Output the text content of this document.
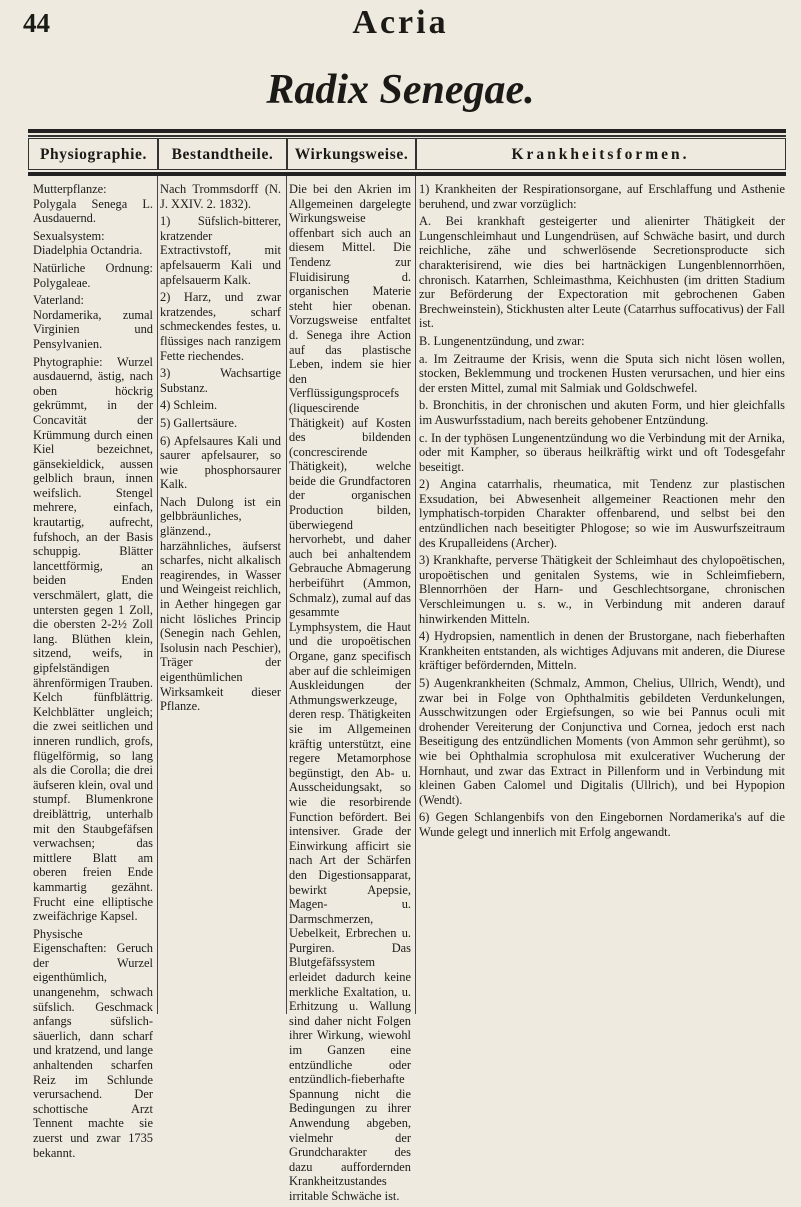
44	Acria
Radix Senegae.
Physiographie.	Bestandtheile.	Wirkungsweise.	Krankheitsformen.

Mutterpflanze: Polygala Senega L. Ausdauernd.

Sexualsystem: Diadelphia Octandria.

Natürliche Ordnung: Polygaleae.

Vaterland: Nordamerika, zumal Virginien und Pensylvanien.

Phytographie: Wurzel ausdauernd, ästig, nach oben höckrig gekrümmt, in der Concavität der Krümmung durch einen Kiel bezeichnet, gänsekieldick, aussen gelblich braun, innen weifslich. Stengel mehrere, einfach, krautartig, aufrecht, fufshoch, an der Basis schuppig. Blätter lancettförmig, an beiden Enden verschmälert, glatt, die untersten gegen 1 Zoll, die obersten 2-2½ Zoll lang. Blüthen klein, sitzend, weifs, in gipfelständigen ährenförmigen Trauben. Kelch fünfblättrig. Kelchblätter ungleich; die zwei seitlichen und inneren rundlich, grofs, flügelförmig, so lang als die Corolla; die drei äufseren klein, oval und stumpf. Blumenkrone dreiblättrig, unterhalb mit den Staubgefäfsen verwachsen; das mittlere Blatt am oberen freien Ende kammartig gezähnt. Frucht eine elliptische zweifächrige Kapsel.

Physische Eigenschaften: Geruch der Wurzel eigenthümlich, unangenehm, schwach süfslich. Geschmack anfangs süfslich-säuerlich, dann scharf und kratzend, und lange anhaltenden scharfen Reiz im Schlunde verursachend. Der schottische Arzt Tennent machte sie zuerst und zwar 1735 bekannt.

Nach Trommsdorff (N. J. XXIV. 2. 1832).

1) Süfslich-bitterer, kratzender Extractivstoff, mit apfelsauerm Kali und apfelsauerm Kalk.

2) Harz, und zwar kratzendes, scharf schmeckendes festes, u. flüssiges nach ranzigem Fette riechendes.

3) Wachsartige Substanz.

4) Schleim.

5) Gallertsäure.

6) Apfelsaures Kali und saurer apfelsaurer, so wie phosphorsaurer Kalk.

Nach Dulong ist ein gelbbräunliches, glänzend., harzähnliches, äufserst scharfes, nicht alkalisch reagirendes, in Wasser und Weingeist reichlich, in Aether hingegen gar nicht lösliches Princip (Senegin nach Gehlen, Isolusin nach Peschier), Träger der eigenthümlichen Wirksamkeit dieser Pflanze.

Die bei den Akrien im Allgemeinen dargelegte Wirkungsweise offenbart sich auch an diesem Mittel. Die Tendenz zur Fluidisirung d. organischen Materie steht hier obenan. Vorzugsweise entfaltet d. Senega ihre Action auf das plastische Leben, indem sie hier den Verflüssigungsprocefs (liquescirende Thätigkeit) auf Kosten des bildenden (concrescirende Thätigkeit), welche beide die Grundfactoren der organischen Production bilden, überwiegend hervorhebt, und daher auch bei anhaltendem Gebrauche Abmagerung herbeiführt (Ammon, Schmalz), zumal auf das gesammte Lymphsystem, die Haut und die uropoëtischen Organe, ganz specifisch aber auf die schleimigen Auskleidungen der Athmungswerkzeuge, deren resp. Thätigkeiten sie im Allgemeinen kräftig unterstützt, eine regere Metamorphose begünstigt, den Ab- u. Ausscheidungsakt, so wie die resorbirende Function befördert. Bei intensiver. Grade der Einwirkung afficirt sie nach Art der Schärfen den Digestionsapparat, bewirkt Apepsie, Magen- u. Darmschmerzen, Uebelkeit, Erbrechen u. Purgiren. Das Blutgefäfssystem erleidet dadurch keine merkliche Exaltation, u. Erhitzung u. Wallung sind daher nicht Folgen ihrer Wirkung, wiewohl im Ganzen eine entzündliche oder entzündlich-fieberhafte Spannung nicht die Bedingungen zu ihrer Anwendung abgeben, vielmehr der Grundcharakter des dazu auffordernden Krankheitzustandes irritable Schwäche ist.

1) Krankheiten der Respirationsorgane, auf Erschlaffung und Asthenie beruhend, und zwar vorzüglich:

A. Bei krankhaft gesteigerter und alienirter Thätigkeit der Lungenschleimhaut und Lungendrüsen, auf Schwäche basirt, und durch reichliche, zähe und schwerlösende Secretionsproducte sich charakterisirend, wie dies bei hartnäckigen Lungenblennorrhöen, chronisch. Katarrhen, Schleimasthma, Keichhusten (im dritten Stadium zur Beförderung der Expectoration mit gebrochenen Gaben Brechweinstein), Stickhusten alter Leute (Catarrhus suffocativus) der Fall ist.

B. Lungenentzündung, und zwar:

a. Im Zeitraume der Krisis, wenn die Sputa sich nicht lösen wollen, stocken, Beklemmung und trockenen Husten verursachen, und hier eins der ersten Mittel, zumal mit Salmiak und Goldschwefel.

b. Bronchitis, in der chronischen und akuten Form, und hier gleichfalls im Auswurfsstadium, nach bereits gehobener Entzündung.

c. In der typhösen Lungenentzündung wo die Verbindung mit der Arnika, oder mit Kampher, so überaus heilkräftig wirkt und oft Todesgefahr beseitigt.

2) Angina catarrhalis, rheumatica, mit Tendenz zur plastischen Exsudation, bei Abwesenheit allgemeiner Reactionen mehr den lymphatisch-torpiden Charakter offenbarend, und selbst bei den entzündlichen nach beseitigter Phlogose; so wie im Auswurfszeitraum des Krupalleidens (Archer).

3) Krankhafte, perverse Thätigkeit der Schleimhaut des chylopoëtischen, uropoëtischen und genitalen Systems, wie in Schleimfiebern, Blennorrhöen der Harn- und Geschlechtsorgane, chronischen Verschleimungen u. s. w., in Verbindung mit anderen darauf hinwirkenden Mitteln.

4) Hydropsien, namentlich in denen der Brustorgane, nach fieberhaften Krankheiten entstanden, als wichtiges Adjuvans mit anderen, die Diurese kräftiger befördernden, Mitteln.

5) Augenkrankheiten (Schmalz, Ammon, Chelius, Ullrich, Wendt), und zwar bei in Folge von Ophthalmitis gebildeten Verdunkelungen, Ausschwitzungen oder Ergiefsungen, so wie bei Pannus oculi mit drohender Vereiterung der Conjunctiva und Cornea, jedoch erst nach Beseitigung des entzündlichen Moments (von Ammon sehr gerühmt), so wie bei Ophthalmia scrophulosa mit exulcerativer Wucherung der Hornhaut, und zwar das Extract in Pillenform und in Verbindung mit kleinen Gaben Calomel und Digitalis (Ullrich), und bei Hypopion (Wendt).

6) Gegen Schlangenbifs von den Eingebornen Nordamerika's auf die Wunde gelegt und innerlich mit Erfolg angewandt.
